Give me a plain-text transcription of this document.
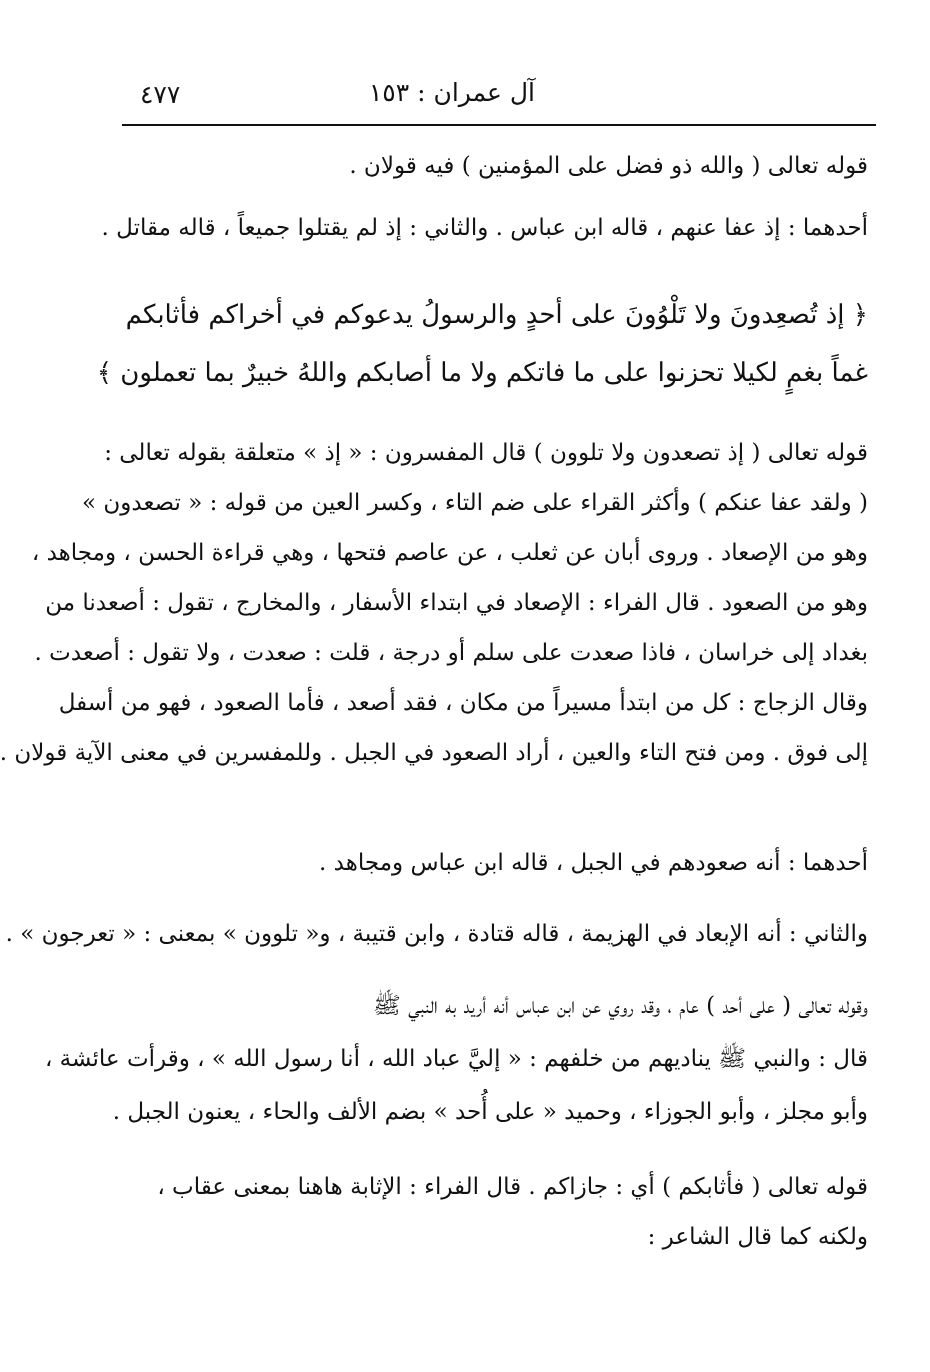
آل عمران : ١٥٣
٤٧٧
قوله تعالى ( والله ذو فضل على المؤمنين ) فيه قولان .
أحدهما : إذ عفا عنهم ، قاله ابن عباس . والثاني : إذ لم يقتلوا جميعاً ، قاله مقاتل .
﴿ إذ تُصعِدونَ ولا تَلْوُونَ على أحدٍ والرسولُ يدعوكم في أخراكم فأثابكم
غماً بغمٍ لكيلا تحزنوا على ما فاتكم ولا ما أصابكم واللهُ خبيرٌ بما تعملون ﴾
قوله تعالى ( إذ تصعدون ولا تلوون ) قال المفسرون : « إذ » متعلقة بقوله تعالى :
( ولقد عفا عنكم ) وأكثر القراء على ضم التاء ، وكسر العين من قوله : « تصعدون »
وهو من الإصعاد . وروى أبان عن ثعلب ، عن عاصم فتحها ، وهي قراءة الحسن ، ومجاهد ،
وهو من الصعود . قال الفراء : الإصعاد في ابتداء الأسفار ، والمخارج ، تقول : أصعدنا من
بغداد إلى خراسان ، فاذا صعدت على سلم أو درجة ، قلت : صعدت ، ولا تقول : أصعدت .
وقال الزجاج : كل من ابتدأ مسيراً من مكان ، فقد أصعد ، فأما الصعود ، فهو من أسفل
إلى فوق . ومن فتح التاء والعين ، أراد الصعود في الجبل . وللمفسرين في معنى الآية قولان .
أحدهما : أنه صعودهم في الجبل ، قاله ابن عباس ومجاهد .
والثاني : أنه الإبعاد في الهزيمة ، قاله قتادة ، وابن قتيبة ، و« تلوون » بمعنى : « تعرجون » .
وقوله تعالى ( على أحد ) عام ، وقد روي عن ابن عباس أنه أريد به النبي ﷺ
قال : والنبي ﷺ يناديهم من خلفهم : « إليَّ عباد الله ، أنا رسول الله » ، وقرأت عائشة ،
وأبو مجلز ، وأبو الجوزاء ، وحميد « على أُحد » بضم الألف والحاء ، يعنون الجبل .
قوله تعالى ( فأثابكم ) أي : جازاكم . قال الفراء : الإثابة هاهنا بمعنى عقاب ،
ولكنه كما قال الشاعر :
